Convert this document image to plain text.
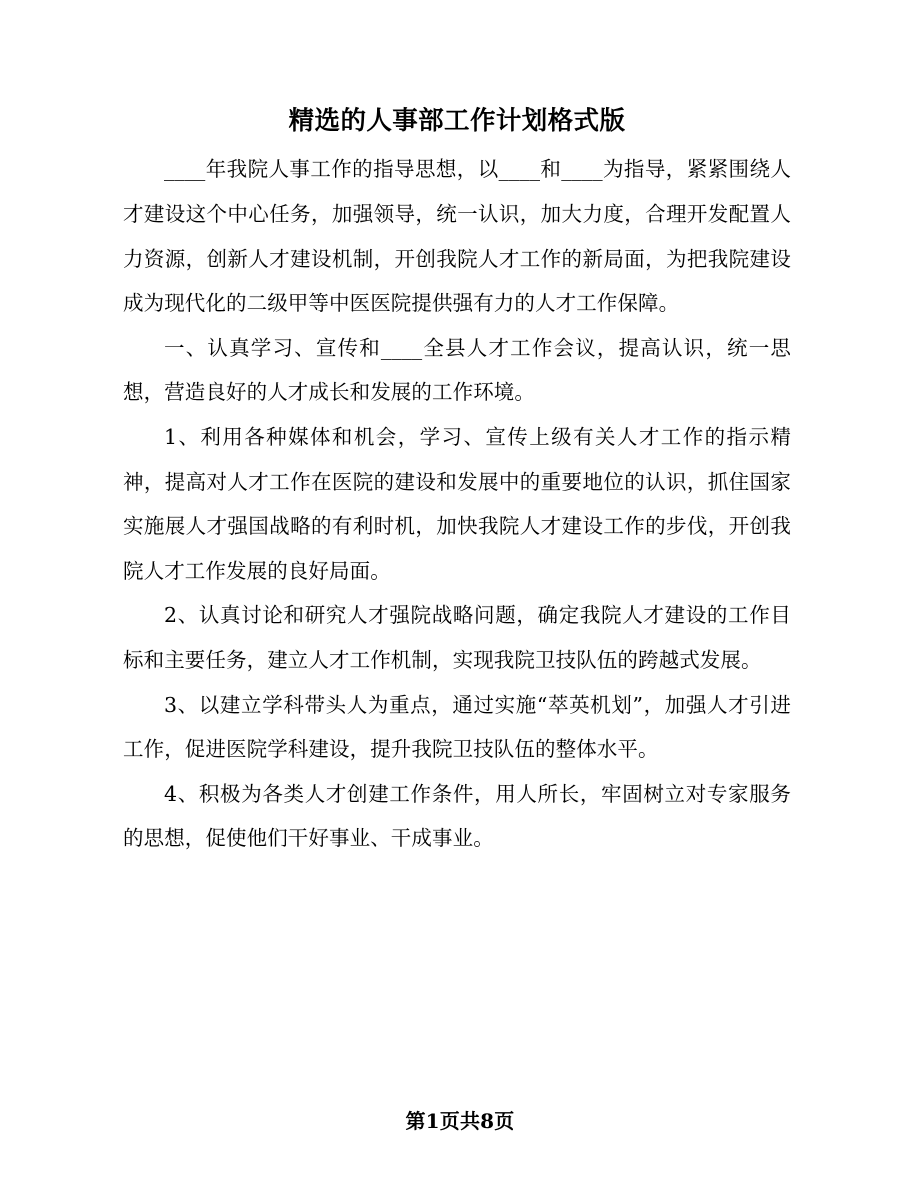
精选的人事部工作计划格式版

____年我院人事工作的指导思想，以____和____为指导，紧紧围绕人才建设这个中心任务，加强领导，统一认识，加大力度，合理开发配置人力资源，创新人才建设机制，开创我院人才工作的新局面，为把我院建设成为现代化的二级甲等中医医院提供强有力的人才工作保障。

一、认真学习、宣传和____全县人才工作会议，提高认识，统一思想，营造良好的人才成长和发展的工作环境。

1、利用各种媒体和机会，学习、宣传上级有关人才工作的指示精神，提高对人才工作在医院的建设和发展中的重要地位的认识，抓住国家实施展人才强国战略的有利时机，加快我院人才建设工作的步伐，开创我院人才工作发展的良好局面。

2、认真讨论和研究人才强院战略问题，确定我院人才建设的工作目标和主要任务，建立人才工作机制，实现我院卫技队伍的跨越式发展。

3、以建立学科带头人为重点，通过实施“萃英机划”，加强人才引进工作，促进医院学科建设，提升我院卫技队伍的整体水平。

4、积极为各类人才创建工作条件，用人所长，牢固树立对专家服务的思想，促使他们干好事业、干成事业。

第1页共8页
